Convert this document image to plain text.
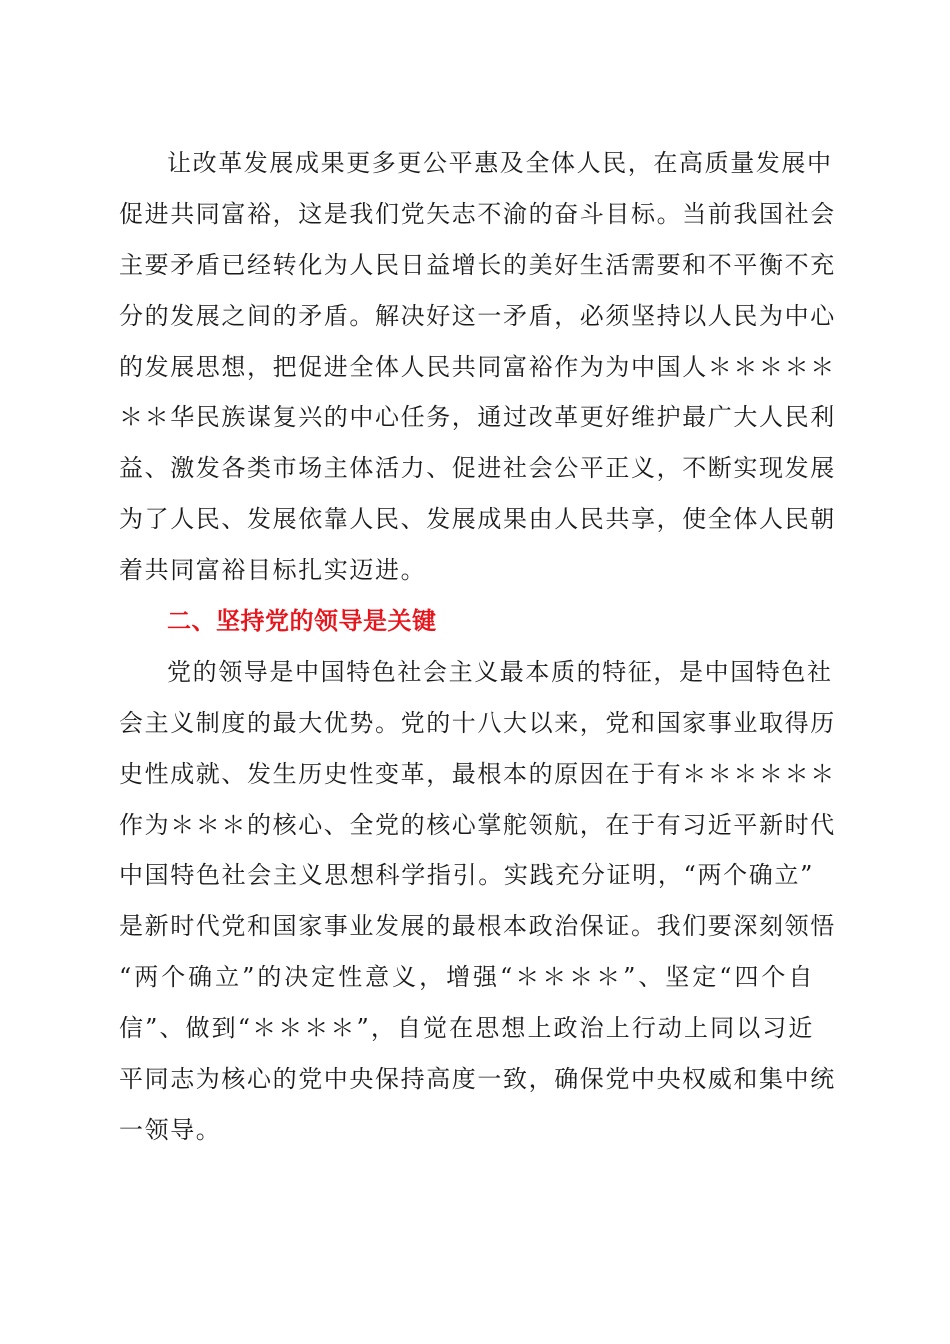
让改革发展成果更多更公平惠及全体人民，在高质量发展中
促进共同富裕，这是我们党矢志不渝的奋斗目标。当前我国社会
主要矛盾已经转化为人民日益增长的美好生活需要和不平衡不充
分的发展之间的矛盾。解决好这一矛盾，必须坚持以人民为中心
的发展思想，把促进全体人民共同富裕作为为中国人＊＊＊＊＊
＊＊华民族谋复兴的中心任务，通过改革更好维护最广大人民利
益、激发各类市场主体活力、促进社会公平正义，不断实现发展
为了人民、发展依靠人民、发展成果由人民共享，使全体人民朝
着共同富裕目标扎实迈进。
二、坚持党的领导是关键
党的领导是中国特色社会主义最本质的特征，是中国特色社
会主义制度的最大优势。党的十八大以来，党和国家事业取得历
史性成就、发生历史性变革，最根本的原因在于有＊＊＊＊＊＊
作为＊＊＊的核心、全党的核心掌舵领航，在于有习近平新时代
中国特色社会主义思想科学指引。实践充分证明，“两个确立”
是新时代党和国家事业发展的最根本政治保证。我们要深刻领悟
“两个确立”的决定性意义，增强“＊＊＊＊”、坚定“四个自
信”、做到“＊＊＊＊”，自觉在思想上政治上行动上同以习近
平同志为核心的党中央保持高度一致，确保党中央权威和集中统
一领导。
